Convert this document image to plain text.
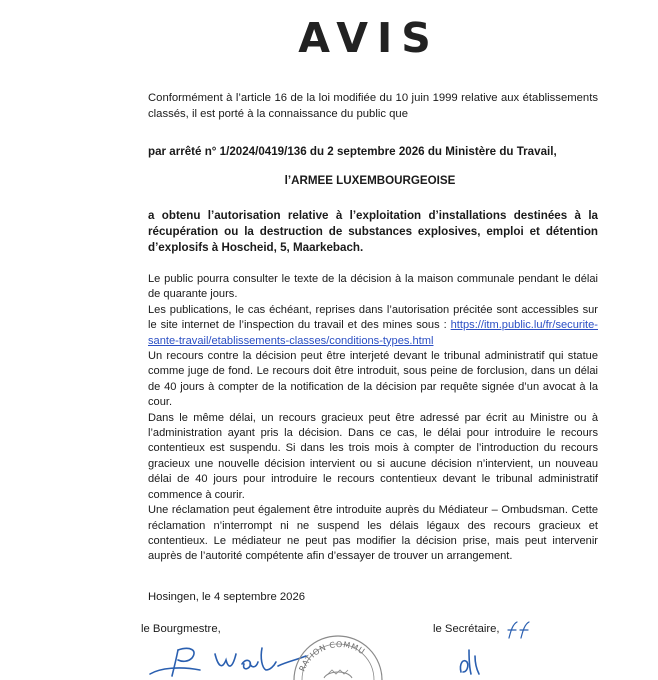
AVIS
Conformément à l’article 16 de la loi modifiée du 10 juin 1999 relative aux établissements classés, il est porté à la connaissance du public que
par arrêté n° 1/2024/0419/136 du 2 septembre 2026 du Ministère du Travail,
l’ARMEE LUXEMBOURGEOISE
a obtenu l’autorisation relative à l’exploitation d’installations destinées à la récupération ou la destruction de substances explosives, emploi et détention d’explosifs à Hoscheid, 5, Maarkebach.

Le public pourra consulter le texte de la décision à la maison communale pendant le délai de quarante jours.

Les publications, le cas échéant, reprises dans l’autorisation précitée sont accessibles sur le site internet de l’inspection du travail et des mines sous : https://itm.public.lu/fr/securite-sante-travail/etablissements-classes/conditions-types.html

Un recours contre la décision peut être interjeté devant le tribunal administratif qui statue comme juge de fond. Le recours doit être introduit, sous peine de forclusion, dans un délai de 40 jours à compter de la notification de la décision par requête signée d’un avocat à la cour.

Dans le même délai, un recours gracieux peut être adressé par écrit au Ministre ou à l’administration ayant pris la décision. Dans ce cas, le délai pour introduire le recours contentieux est suspendu. Si dans les trois mois à compter de l’introduction du recours gracieux une nouvelle décision intervient ou si aucune décision n’intervient, un nouveau délai de 40 jours pour introduire le recours contentieux devant le tribunal administratif commence à courir.

Une réclamation peut également être introduite auprès du Médiateur – Ombudsman. Cette réclamation n’interrompt ni ne suspend les délais légaux des recours gracieux et contentieux. Le médiateur ne peut pas modifier la décision prise, mais peut intervenir auprès de l’autorité compétente afin d’essayer de trouver un arrangement.

Hosingen, le 4 septembre 2026
le Bourgmestre,	le Secrétaire,
RATION COMMU
